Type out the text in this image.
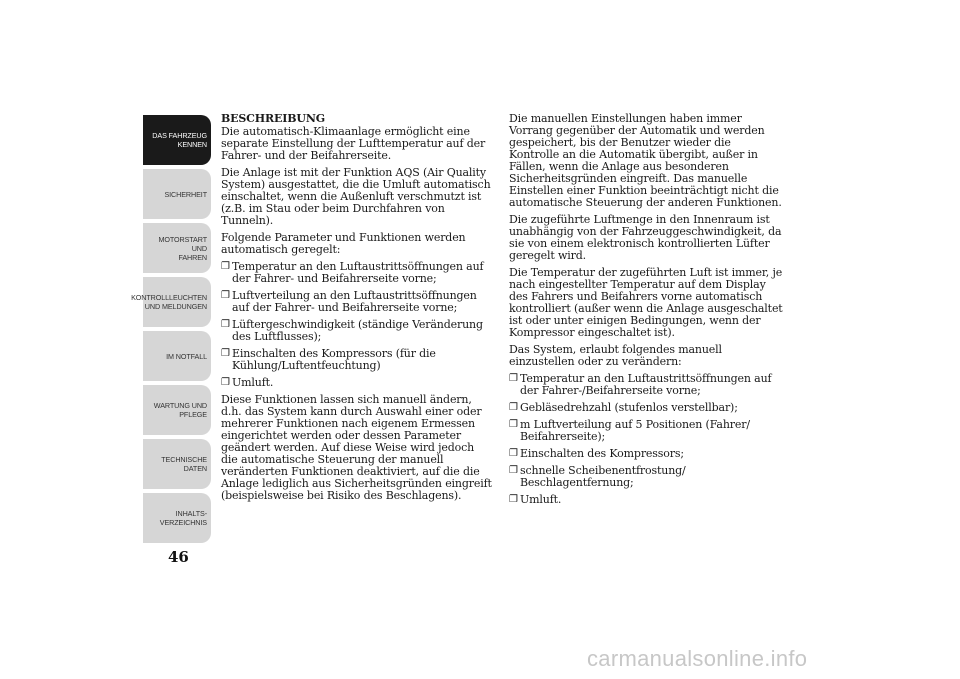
DAS FAHRZEUG
KENNEN
SICHERHEIT
MOTORSTART UND
FAHREN
KONTROLLLEUCHTEN
UND MELDUNGEN
IM NOTFALL
WARTUNG UND
PFLEGE
TECHNISCHE
DATEN
INHALTS-
VERZEICHNIS
46
BESCHREIBUNG

Die automatisch-Klimaanlage ermöglicht eine separate Einstellung der Lufttemperatur auf der Fahrer- und der Beifahrerseite.

Die Anlage ist mit der Funktion AQS (Air Quality System) ausgestattet, die die Umluft automatisch einschaltet, wenn die Außenluft verschmutzt ist (z.B. im Stau oder beim Durchfahren von Tunneln).

Folgende Parameter und Funktionen werden automatisch geregelt:

❐ Temperatur an den Luftaustrittsöffnungen auf der Fahrer- und Beifahrerseite vorne;
❐ Luftverteilung an den Luftaustrittsöffnungen auf der Fahrer- und Beifahrerseite vorne;
❐ Lüftergeschwindigkeit (ständige Veränderung des Luftflusses);
❐ Einschalten des Kompressors (für die Kühlung/Luftentfeuchtung)
❐ Umluft.

Diese Funktionen lassen sich manuell ändern, d.h. das System kann durch Auswahl einer oder mehrerer Funktionen nach eigenem Ermessen eingerichtet werden oder dessen Parameter geändert werden. Auf diese Weise wird jedoch die automatische Steuerung der manuell veränderten Funktionen deaktiviert, auf die die Anlage lediglich aus Sicherheitsgründen eingreift (beispielsweise bei Risiko des Beschlagens).

Die manuellen Einstellungen haben immer Vorrang gegenüber der Automatik und werden gespeichert, bis der Benutzer wieder die Kontrolle an die Automatik übergibt, außer in Fällen, wenn die Anlage aus besonderen Sicherheitsgründen eingreift. Das manuelle Einstellen einer Funktion beeinträchtigt nicht die automatische Steuerung der anderen Funktionen.

Die zugeführte Luftmenge in den Innenraum ist unabhängig von der Fahrzeuggeschwindigkeit, da sie von einem elektronisch kontrollierten Lüfter geregelt wird.

Die Temperatur der zugeführten Luft ist immer, je nach eingestellter Temperatur auf dem Display des Fahrers und Beifahrers vorne automatisch kontrolliert (außer wenn die Anlage ausgeschaltet ist oder unter einigen Bedingungen, wenn der Kompressor eingeschaltet ist).

Das System, erlaubt folgendes manuell einzustellen oder zu verändern:

❐ Temperatur an den Luftaustrittsöffnungen auf der Fahrer-/Beifahrerseite vorne;
❐ Gebläsedrehzahl (stufenlos verstellbar);
❐ m Luftverteilung auf 5 Positionen (Fahrer/ Beifahrerseite);
❐ Einschalten des Kompressors;
❐ schnelle Scheibenentfrostung/ Beschlagentfernung;
❐ Umluft.
carmanualsonline.info
